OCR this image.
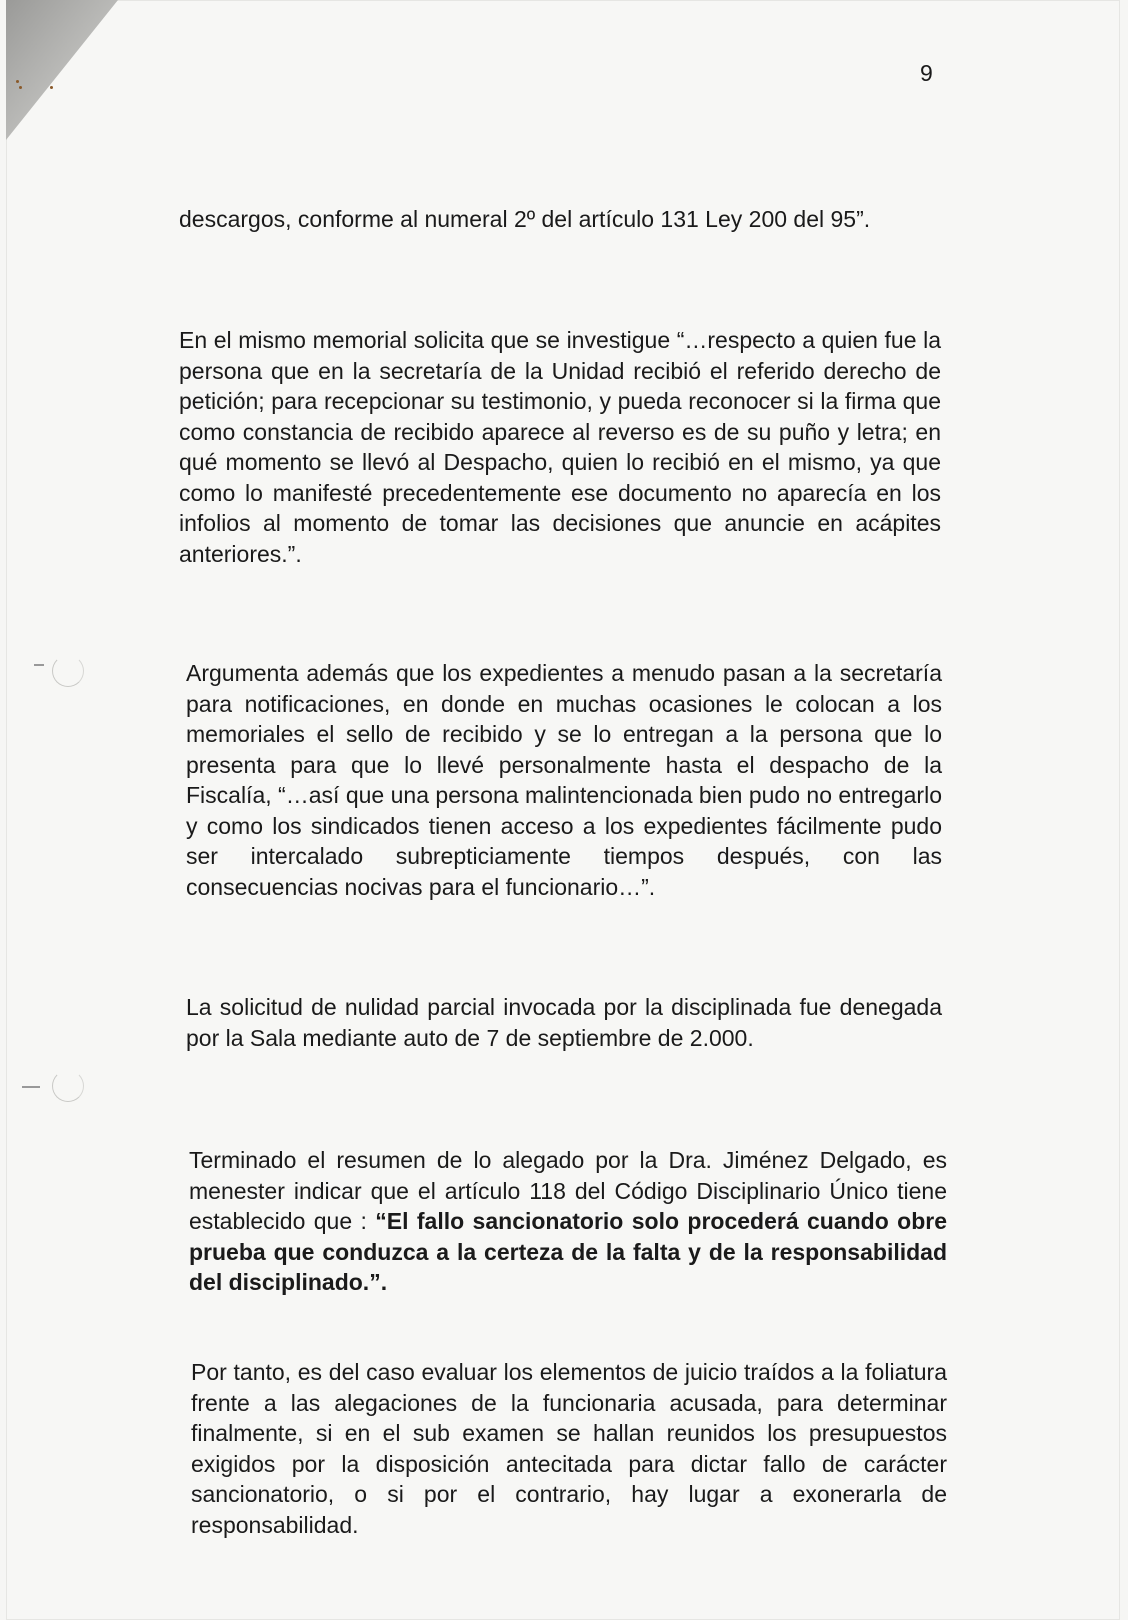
9
descargos, conforme al numeral 2º del artículo 131 Ley 200 del 95”.
En el mismo memorial solicita que se investigue “…respecto a quien fue la persona que en la secretaría de la Unidad recibió el referido derecho de petición; para recepcionar su testimonio, y pueda reconocer si la firma que como constancia de recibido aparece al reverso es de su puño y letra; en qué momento se llevó al Despacho, quien lo recibió en el mismo, ya que como lo manifesté precedentemente ese documento no aparecía en los infolios al momento de tomar las decisiones que anuncie en acápites anteriores.”.
Argumenta además que los expedientes a menudo pasan a la secretaría para notificaciones, en donde en muchas ocasiones le colocan a los memoriales el sello de recibido y se lo entregan a la persona que lo presenta para que lo llevé personalmente hasta el despacho de la Fiscalía, “…así que una persona malintencionada bien pudo no entregarlo y como los sindicados tienen acceso a los expedientes fácilmente pudo ser intercalado subrepticiamente tiempos después, con las consecuencias nocivas para el funcionario…”.
La solicitud de nulidad parcial invocada por la disciplinada fue denegada por la Sala mediante auto de 7 de septiembre de 2.000.
Terminado el resumen de lo alegado por la Dra. Jiménez Delgado, es menester indicar que el artículo 118 del Código Disciplinario Único tiene establecido que : “El fallo sancionatorio solo procederá cuando obre prueba que conduzca a la certeza de la falta y de la responsabilidad del disciplinado.”.
Por tanto, es del caso evaluar los elementos de juicio traídos a la foliatura frente a las alegaciones de la funcionaria acusada, para determinar finalmente, si en el sub examen se hallan reunidos los presupuestos exigidos por la disposición antecitada para dictar fallo de carácter sancionatorio, o si por el contrario, hay lugar a exonerarla de responsabilidad.
